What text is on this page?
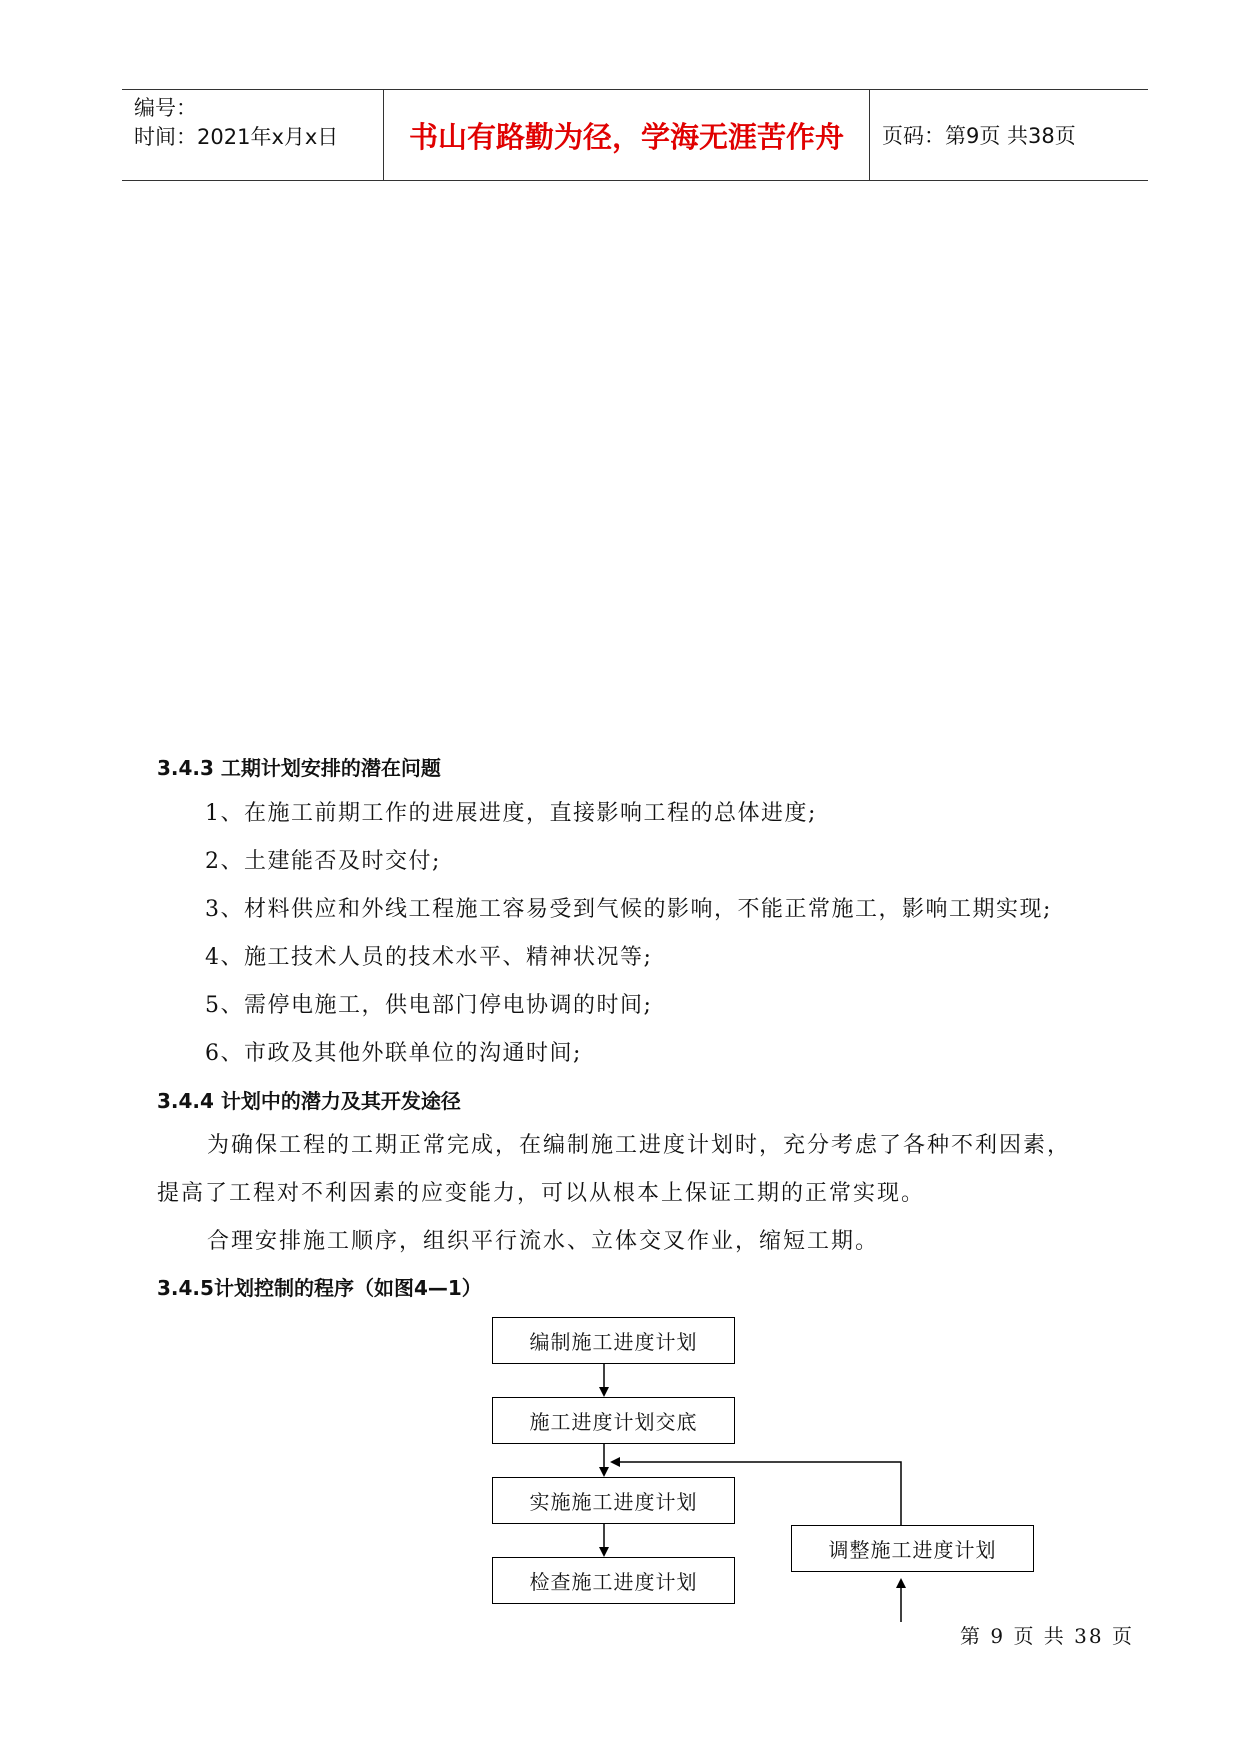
编号：
时间：2021年x月x日	书山有路勤为径，学海无涯苦作舟	页码：第9页 共38页
3.4.3 工期计划安排的潜在问题
1、在施工前期工作的进展进度，直接影响工程的总体进度;
2、土建能否及时交付;
3、材料供应和外线工程施工容易受到气候的影响，不能正常施工，影响工期实现;
4、施工技术人员的技术水平、精神状况等;
5、需停电施工，供电部门停电协调的时间;
6、市政及其他外联单位的沟通时间;
3.4.4 计划中的潜力及其开发途径
为确保工程的工期正常完成，在编制施工进度计划时，充分考虑了各种不利因素，
提高了工程对不利因素的应变能力，可以从根本上保证工期的正常实现。
合理安排施工顺序，组织平行流水、立体交叉作业，缩短工期。
3.4.5计划控制的程序（如图4—1）
编制施工进度计划
施工进度计划交底
实施施工进度计划
检查施工进度计划
调整施工进度计划
第 9 页 共 38 页
